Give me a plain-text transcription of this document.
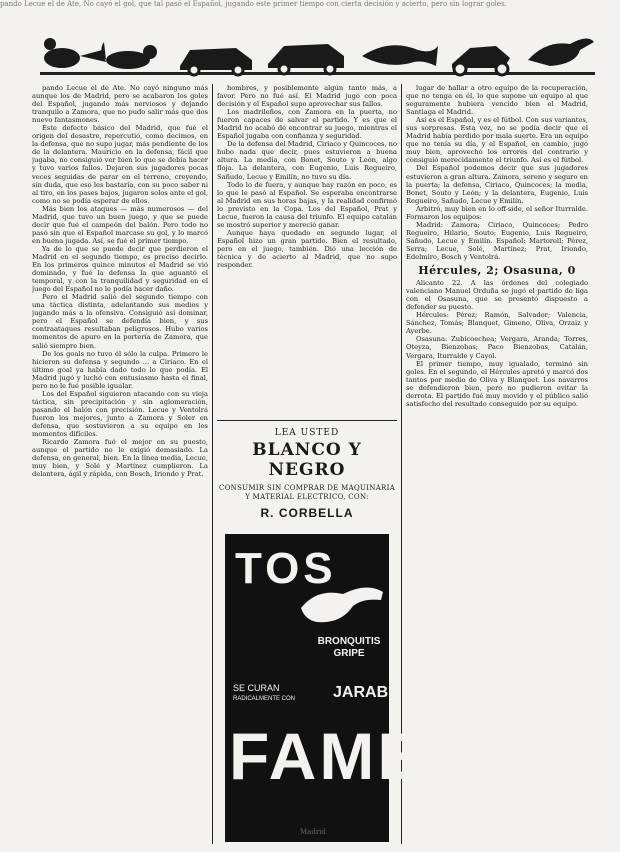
pando Lecue el de Ate, No cayó el gol, que tal pasó el Español, jugando este primer tiempo con cierta decisión y acierto, pero sin lograr goles.

pando Lecue el de Ate. No cayó ninguno más aunque los de Madrid, pero se acabaron los goles del Español, jugando más nerviosos y dejando tranquilo a Zamora, que no pudo salir más que dos nuevo fantasmones.

Este defecto básico del Madrid, que fué el origen del desastre, repercutió, como decimos, en la defensa, que no supo jugar, más pendiente de los de la delantera. Mauricio en la defensa, fácil que jugaba, no consiguió ver bien lo que se debía hacer y tuvo varios fallos. Dejaron sus jugadores pocas veces seguidas de parar en el terreno, creyendo, sin duda, que eso les bastaría, con su poco saber ni al tiro, en los pases bajos, jugaron solos ante el gol, como no se podía esperar de ellos.

Más bien los ataques — más numerosos — del Madrid, que tuvo un buen juego, y que se puede decir que fué el campeón del balón. Pero todo no pasó sin que el Español marcase su gol, y lo marcó en buena jugada. Así, se fué el primer tiempo.

Ya de lo que se puede decir que perdieron el Madrid en el segundo tiempo, es preciso decirlo. En los primeros quince minutos el Madrid se vió dominado, y fué la defensa la que aguantó el temporal, y con la tranquilidad y seguridad en el juego del Español no le podía hacer daño.

Pero el Madrid salió del segundo tiempo con una táctica distinta, adelantando sus medios y jugando más a la ofensiva. Consiguió así dominar, pero el Español se defendía bien, y sus contraataques resultaban peligrosos. Hubo varios momentos de apuro en la portería de Zamora, que salió siempre bien.

De los goals no tuvo él sólo la culpa. Primero le hicieron su defensa y segundo ... a Ciriaco. En el último goal ya había dado todo lo que podía. El Madrid jugó y luchó con entusiasmo hasta el final, pero no le fué posible igualar.

Los del Español siguieron atacando con su vieja táctica, sin precipitación y sin aglomeración, pasando el balón con precisión. Lecue y Ventolrá fueron los mejores, junto a Zamora y Soler en defensa, que sostuvieron a su equipo en los momentos difíciles.

Ricardo Zamora fué el mejor en su puesto, aunque el partido no le exigió demasiado. La defensa, en general, bien. En la línea media, Lecue, muy bien, y Solé y Martínez cumplieron. La delantera, ágil y rápida, con Bosch, Iriondo y Prat.

hombres, y posiblemente algún tanto más, a favor. Pero no fué así. El Madrid jugó con poca decisión y el Español supo aprovechar sus fallos.

Los madrileños, con Zamora en la puerta, no fueron capaces de salvar el partido. Y es que el Madrid no acabó de encontrar su juego, mientras el Español jugaba con confianza y seguridad.

De la defensa del Madrid, Ciriaco y Quincoces, no hubo nada que decir, pues estuvieron a buena altura. La media, con Bonet, Souto y León, algo floja. La delantera, con Eugenio, Luis Regueiro, Sañudo, Lecue y Emilín, no tuvo su día.

Todo lo de fuera, y aunque hay razón en poco, es lo que le pasó al Español. Se esperaba encontrarse al Madrid en sus horas bajas, y la realidad confirmó lo previsto en la Copa. Los del Español, Prat y Lecue, fueron la causa del triunfo. El equipo catalán se mostró superior y mereció ganar.

Aunque haya quedado en segundo lugar, el Español hizo un gran partido. Bien el resultado, pero en el juego, también. Dió una lección de técnica y de acierto al Madrid, que no supo responder.

LEA USTED
BLANCO Y NEGRO
CONSUMIR SIN COMPRAR DE MAQUINARIA Y MATERIAL ELECTRICO, CON:
R. CORBELLA
TOS
BRONQUITIS
GRIPE
SE CURAN
RADICALMENTE CON JARABE
FAMEL

lugar de hallar a otro equipo de la recuperación, que no tenga en él, lo que supone un equipo al que seguramente hubiera vencido bien el Madrid, Santiaga el Madrid.

Así es el Español, y es el fútbol. Con sus variantes, sus sorpresas. Esta vez, no se podía decir que el Madrid había perdido por mala suerte. Era un equipo que no tenía su día, y el Español, en cambio, jugó muy bien, aprovechó los errores del contrario y consiguió merecidamente el triunfo. Así es el fútbol.

Del Español podemos decir que sus jugadores estuvieron a gran altura. Zamora, sereno y seguro en la puerta; la defensa, Ciriaco, Quincoces; la media, Bonet, Souto y León; y la delantera, Eugenio, Luis Regueiro, Sañudo, Lecue y Emilín.

Arbitró, muy bien en lo off-side, el señor Iturralde. Formaron los equipos:

Madrid: Zamora; Ciriaco, Quincoces; Pedro Regueiro, Hilario, Souto; Eugenio, Luis Regueiro, Sañudo, Lecue y Emilín. Español: Martorell; Pérez, Serra; Lecue, Solé, Martínez; Prat, Iriondo, Edelmiro, Bosch y Ventolrá.

Hércules, 2; Osasuna, 0

Alicante 22. A las órdenes del colegiado valenciano Manuel Orduña se jugó el partido de liga con el Osasuna, que se presentó dispuesto a defender su puesto.

Hércules: Pérez; Ramón, Salvador; Valencia, Sánchez, Tomás; Blanquet, Gimeno, Oliva, Orzaiz y Ayerbe.

Osasuna: Zubicoechea; Vergara, Aranda; Torres, Oteyza, Bienzobas; Paco Bienzobas, Catalán, Vergara, Iturralde y Cayol.

El primer tiempo, muy igualado, terminó sin goles. En el segundo, el Hércules apretó y marcó dos tantos por medio de Oliva y Blanquet. Los navarros se defendieron bien, pero no pudieron evitar la derrota. El partido fué muy movido y el público salió satisfecho del resultado conseguido por su equipo.

Madrid
